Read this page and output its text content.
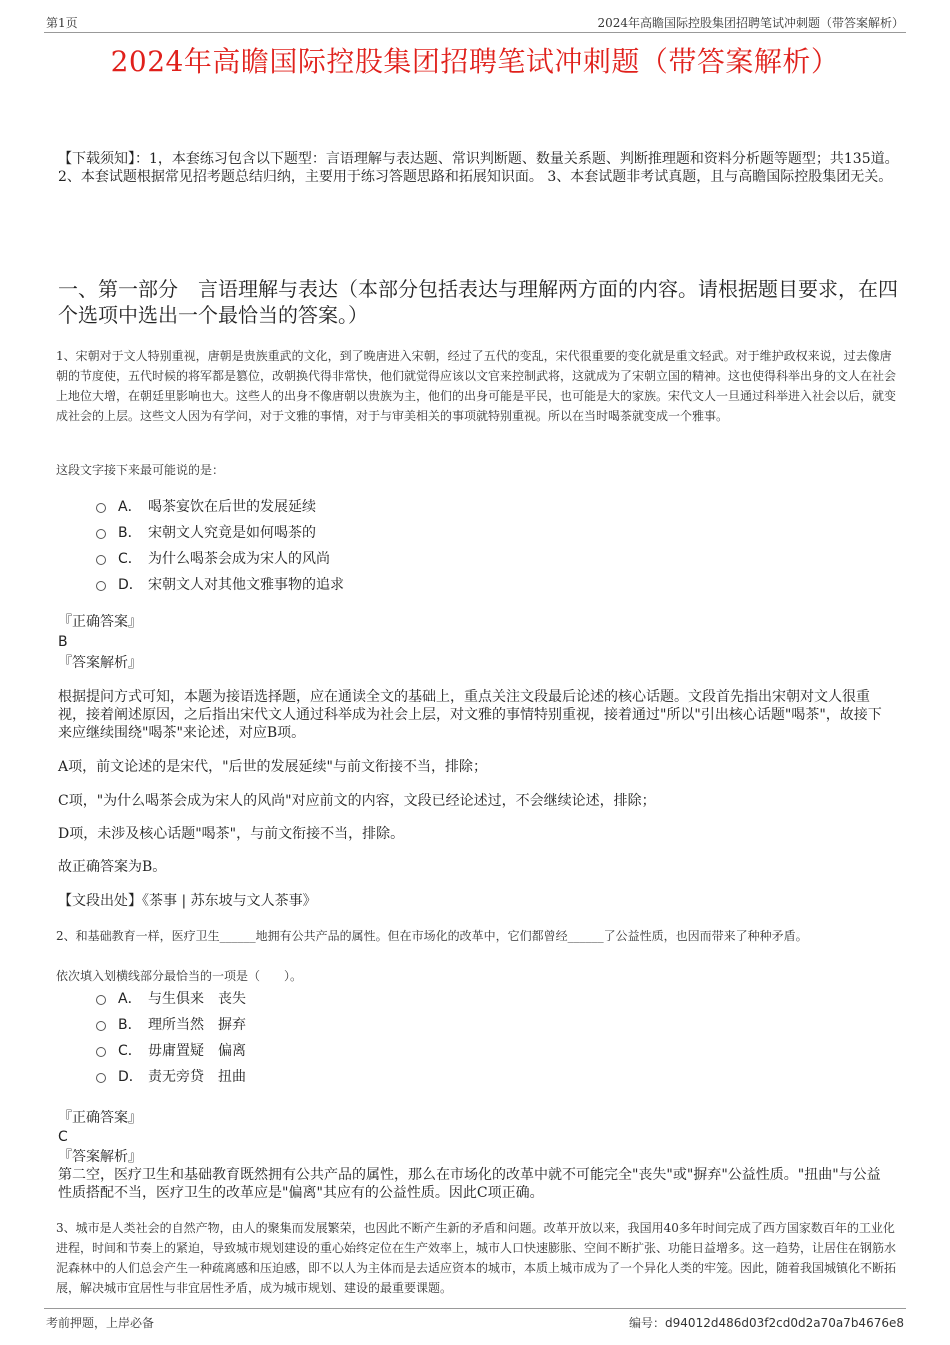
第1页	2024年高瞻国际控股集团招聘笔试冲刺题（带答案解析）
2024年高瞻国际控股集团招聘笔试冲刺题（带答案解析）
【下载须知】：1，本套练习包含以下题型：言语理解与表达题、常识判断题、数量关系题、判断推理题和资料分析题等题型；共135道。 2、本套试题根据常见招考题总结归纳，主要用于练习答题思路和拓展知识面。 3、本套试题非考试真题，且与高瞻国际控股集团无关。
一、第一部分　言语理解与表达（本部分包括表达与理解两方面的内容。请根据题目要求，在四个选项中选出一个最恰当的答案。）
1、宋朝对于文人特别重视，唐朝是贵族重武的文化，到了晚唐进入宋朝，经过了五代的变乱，宋代很重要的变化就是重文轻武。对于维护政权来说，过去像唐朝的节度使，五代时候的将军都是篡位，改朝换代得非常快，他们就觉得应该以文官来控制武将，这就成为了宋朝立国的精神。这也使得科举出身的文人在社会上地位大增，在朝廷里影响也大。这些人的出身不像唐朝以贵族为主，他们的出身可能是平民，也可能是大的家族。宋代文人一旦通过科举进入社会以后，就变成社会的上层。这些文人因为有学问，对于文雅的事情，对于与审美相关的事项就特别重视。所以在当时喝茶就变成一个雅事。
这段文字接下来最可能说的是：
A． 喝茶宴饮在后世的发展延续
B． 宋朝文人究竟是如何喝茶的
C． 为什么喝茶会成为宋人的风尚
D． 宋朝文人对其他文雅事物的追求
『正确答案』
B
『答案解析』
根据提问方式可知，本题为接语选择题，应在通读全文的基础上，重点关注文段最后论述的核心话题。文段首先指出宋朝对文人很重视，接着阐述原因，之后指出宋代文人通过科举成为社会上层，对文雅的事情特别重视，接着通过"所以"引出核心话题"喝茶"，故接下来应继续围绕"喝茶"来论述，对应B项。
A项，前文论述的是宋代，"后世的发展延续"与前文衔接不当，排除；
C项，"为什么喝茶会成为宋人的风尚"对应前文的内容，文段已经论述过，不会继续论述，排除；
D项，未涉及核心话题"喝茶"，与前文衔接不当，排除。
故正确答案为B。
【文段出处】《茶事 | 苏东坡与文人茶事》
2、和基础教育一样，医疗卫生______地拥有公共产品的属性。但在市场化的改革中，它们都曾经______了公益性质，也因而带来了种种矛盾。
依次填入划横线部分最恰当的一项是（　　）。
A． 与生俱来　丧失
B． 理所当然　摒弃
C． 毋庸置疑　偏离
D． 责无旁贷　扭曲
『正确答案』
C
『答案解析』
第二空，医疗卫生和基础教育既然拥有公共产品的属性，那么在市场化的改革中就不可能完全"丧失"或"摒弃"公益性质。"扭曲"与公益性质搭配不当，医疗卫生的改革应是"偏离"其应有的公益性质。因此C项正确。
3、城市是人类社会的自然产物，由人的聚集而发展繁荣，也因此不断产生新的矛盾和问题。改革开放以来，我国用40多年时间完成了西方国家数百年的工业化进程，时间和节奏上的紧迫，导致城市规划建设的重心始终定位在生产效率上，城市人口快速膨胀、空间不断扩张、功能日益增多。这一趋势，让居住在钢筋水泥森林中的人们总会产生一种疏离感和压迫感，即不以人为主体而是去适应资本的城市，本质上城市成为了一个异化人类的牢笼。因此，随着我国城镇化不断拓展，解决城市宜居性与非宜居性矛盾，成为城市规划、建设的最重要课题。
考前押题，上岸必备	编号：d94012d486d03f2cd0d2a70a7b4676e8
